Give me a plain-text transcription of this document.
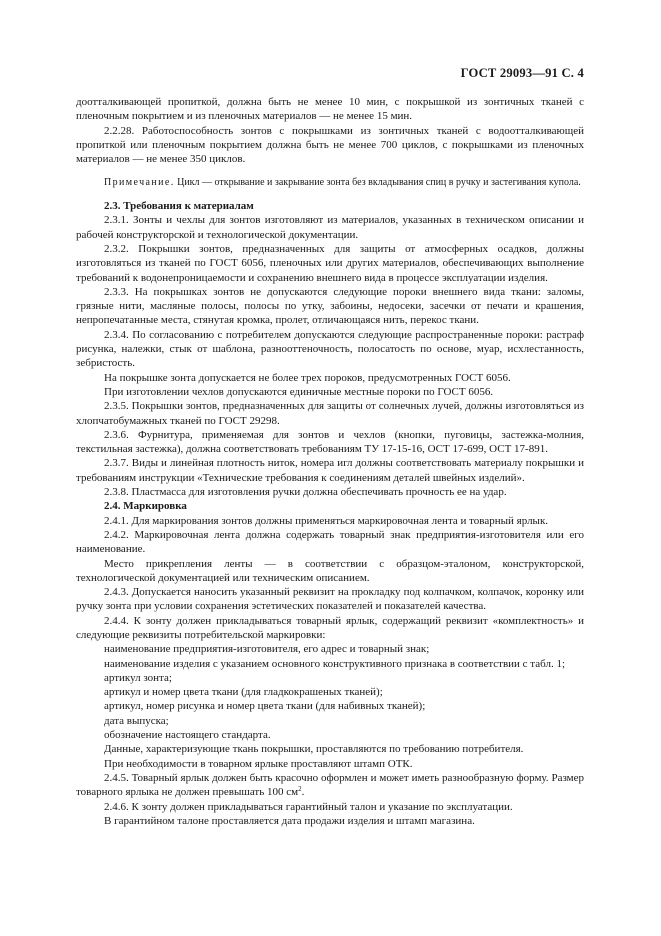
ГОСТ 29093—91 С. 4

доотталкивающей пропиткой, должна быть не менее 10 мин, с покрышкой из зонтичных тканей с пленочным покрытием и из пленочных материалов — не менее 15 мин.

2.2.28. Работоспособность зонтов с покрышками из зонтичных тканей с водоотталкивающей пропиткой или пленочным покрытием должна быть не менее 700 циклов, с покрышками из пленочных материалов — не менее 350 циклов.

Примечание. Цикл — открывание и закрывание зонта без вкладывания спиц в ручку и застегивания купола.

2.3. Требования к материалам

2.3.1. Зонты и чехлы для зонтов изготовляют из материалов, указанных в техническом описании и рабочей конструкторской и технологической документации.

2.3.2. Покрышки зонтов, предназначенных для защиты от атмосферных осадков, должны изготовляться из тканей по ГОСТ 6056, пленочных или других материалов, обеспечивающих выполнение требований к водонепроницаемости и сохранению внешнего вида в процессе эксплуатации изделия.

2.3.3. На покрышках зонтов не допускаются следующие пороки внешнего вида ткани: заломы, грязные нити, масляные полосы, полосы по утку, забоины, недосеки, засечки от печати и крашения, непропечатанные места, стянутая кромка, пролет, отличающаяся нить, перекос ткани.

2.3.4. По согласованию с потребителем допускаются следующие распространенные пороки: растраф рисунка, нaлежки, стык от шаблона, разнооттеночность, полосатость по основе, муар, исхлестанность, зебристость.

На покрышке зонта допускается не более трех пороков, предусмотренных ГОСТ 6056.

При изготовлении чехлов допускаются единичные местные пороки по ГОСТ 6056.

2.3.5. Покрышки зонтов, предназначенных для защиты от солнечных лучей, должны изготовляться из хлопчатобумажных тканей по ГОСТ 29298.

2.3.6. Фурнитура, применяемая для зонтов и чехлов (кнопки, пуговицы, застежка-молния, текстильная застежка), должна соответствовать требованиям ТУ 17-15-16, ОСТ 17-699, ОСТ 17-891.

2.3.7. Виды и линейная плотность ниток, номера игл должны соответствовать материалу покрышки и требованиям инструкции «Технические требования к соединениям деталей швейных изделий».

2.3.8. Пластмасса для изготовления ручки должна обеспечивать прочность ее на удар.

2.4. Маркировка

2.4.1. Для маркирования зонтов должны применяться маркировочная лента и товарный ярлык.

2.4.2. Маркировочная лента должна содержать товарный знак предприятия-изготовителя или его наименование.

Место прикрепления ленты — в соответствии с образцом-эталоном, конструкторской, технологической документацией или техническим описанием.

2.4.3. Допускается наносить указанный реквизит на прокладку под колпачком, колпачок, коронку или ручку зонта при условии сохранения эстетических показателей и показателей качества.

2.4.4. К зонту должен прикладываться товарный ярлык, содержащий реквизит «комплектность» и следующие реквизиты потребительской маркировки:

наименование предприятия-изготовителя, его адрес и товарный знак;

наименование изделия с указанием основного конструктивного признака в соответствии с табл. 1;

артикул зонта;

артикул и номер цвета ткани (для гладкокрашеных тканей);

артикул, номер рисунка и номер цвета ткани (для набивных тканей);

дата выпуска;

обозначение настоящего стандарта.

Данные, характеризующие ткань покрышки, проставляются по требованию потребителя.

При необходимости в товарном ярлыке проставляют штамп ОТК.

2.4.5. Товарный ярлык должен быть красочно оформлен и может иметь разнообразную форму. Размер товарного ярлыка не должен превышать 100 $см^2$.

2.4.6. К зонту должен прикладываться гарантийный талон и указание по эксплуатации.

В гарантийном талоне проставляется дата продажи изделия и штамп магазина.
